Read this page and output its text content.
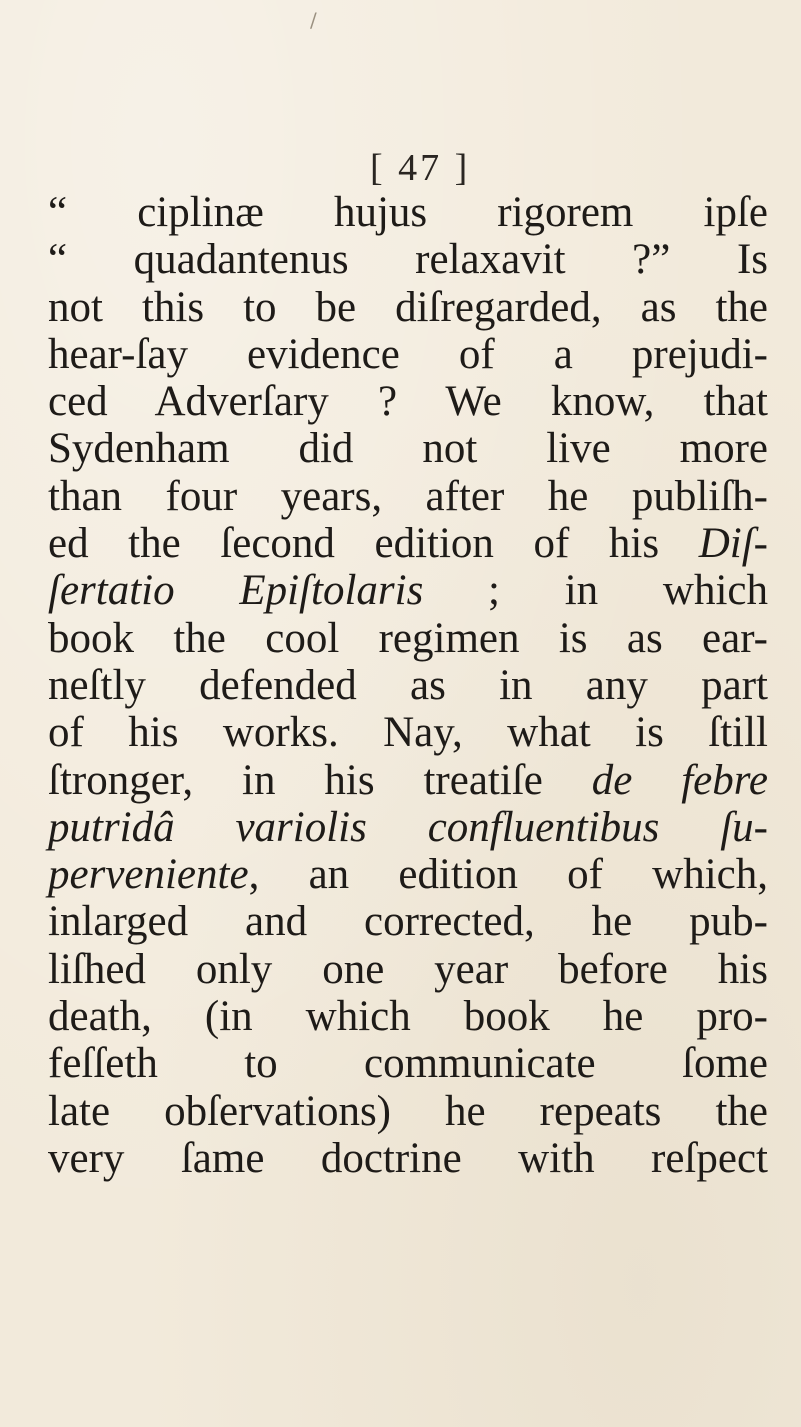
/

[ 47 ]

“ ciplinæ hujus rigorem ipſe
“ quadantenus relaxavit ?” Is
not this to be diſregarded, as the
hear-ſay evidence of a prejudi-
ced Adverſary ? We know, that
Sydenham did not live more
than four years, after he publiſh-
ed the ſecond edition of his Diſ-
ſertatio Epiſtolaris ; in which
book the cool regimen is as ear-
neſtly defended as in any part
of his works. Nay, what is ſtill
ſtronger, in his treatiſe de febre
putridâ variolis confluentibus ſu-
perveniente, an edition of which,
inlarged and corrected, he pub-
liſhed only one year before his
death, (in which book he pro-
feſſeth to communicate ſome
late obſervations) he repeats the
very ſame doctrine with reſpect
